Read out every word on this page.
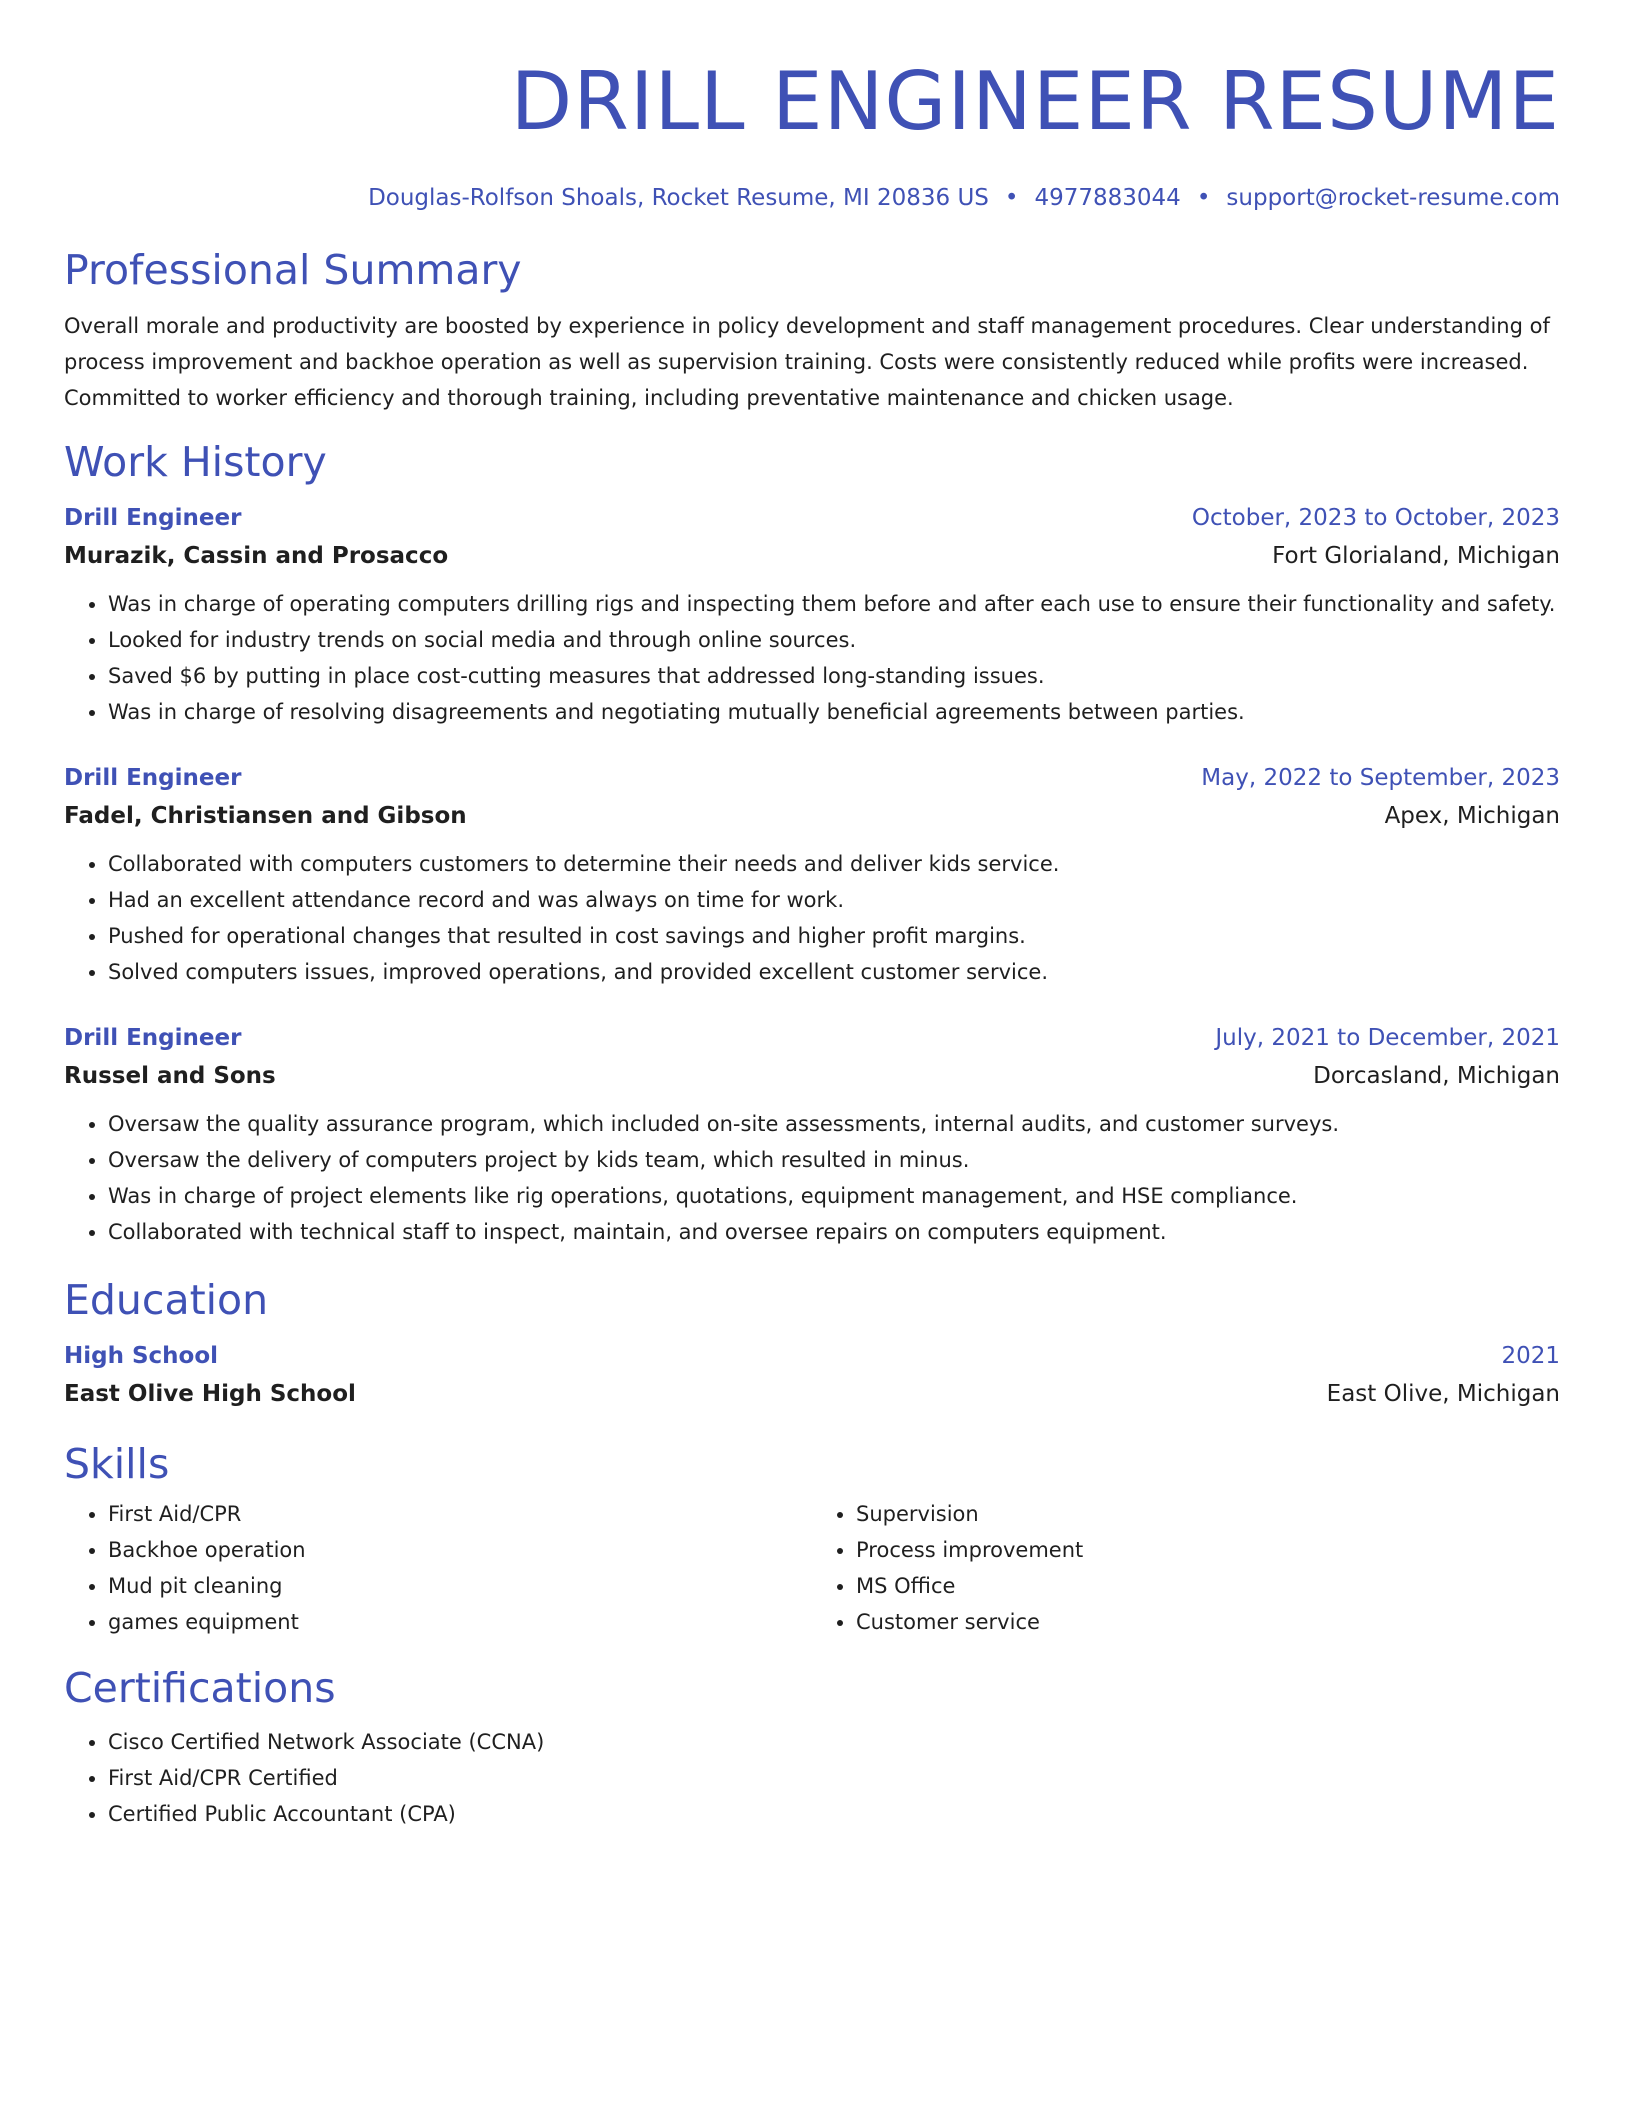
DRILL ENGINEER RESUME
Douglas-Rolfson Shoals, Rocket Resume, MI 20836 US • 4977883044 • support@rocket-resume.com
Professional Summary

Overall morale and productivity are boosted by experience in policy development and staff management procedures. Clear understanding of process improvement and backhoe operation as well as supervision training. Costs were consistently reduced while profits were increased. Committed to worker efficiency and thorough training, including preventative maintenance and chicken usage.

Work History
Drill Engineer	October, 2023 to October, 2023
Murazik, Cassin and Prosacco	Fort Glorialand, Michigan
• Was in charge of operating computers drilling rigs and inspecting them before and after each use to ensure their functionality and safety.
• Looked for industry trends on social media and through online sources.
• Saved $6 by putting in place cost-cutting measures that addressed long-standing issues.
• Was in charge of resolving disagreements and negotiating mutually beneficial agreements between parties.
Drill Engineer	May, 2022 to September, 2023
Fadel, Christiansen and Gibson	Apex, Michigan
• Collaborated with computers customers to determine their needs and deliver kids service.
• Had an excellent attendance record and was always on time for work.
• Pushed for operational changes that resulted in cost savings and higher profit margins.
• Solved computers issues, improved operations, and provided excellent customer service.
Drill Engineer	July, 2021 to December, 2021
Russel and Sons	Dorcasland, Michigan
• Oversaw the quality assurance program, which included on-site assessments, internal audits, and customer surveys.
• Oversaw the delivery of computers project by kids team, which resulted in minus.
• Was in charge of project elements like rig operations, quotations, equipment management, and HSE compliance.
• Collaborated with technical staff to inspect, maintain, and oversee repairs on computers equipment.
Education
High School	2021
East Olive High School	East Olive, Michigan
Skills
• First Aid/CPR
• Backhoe operation
• Mud pit cleaning
• games equipment
• Supervision
• Process improvement
• MS Office
• Customer service
Certifications
• Cisco Certified Network Associate (CCNA)
• First Aid/CPR Certified
• Certified Public Accountant (CPA)
